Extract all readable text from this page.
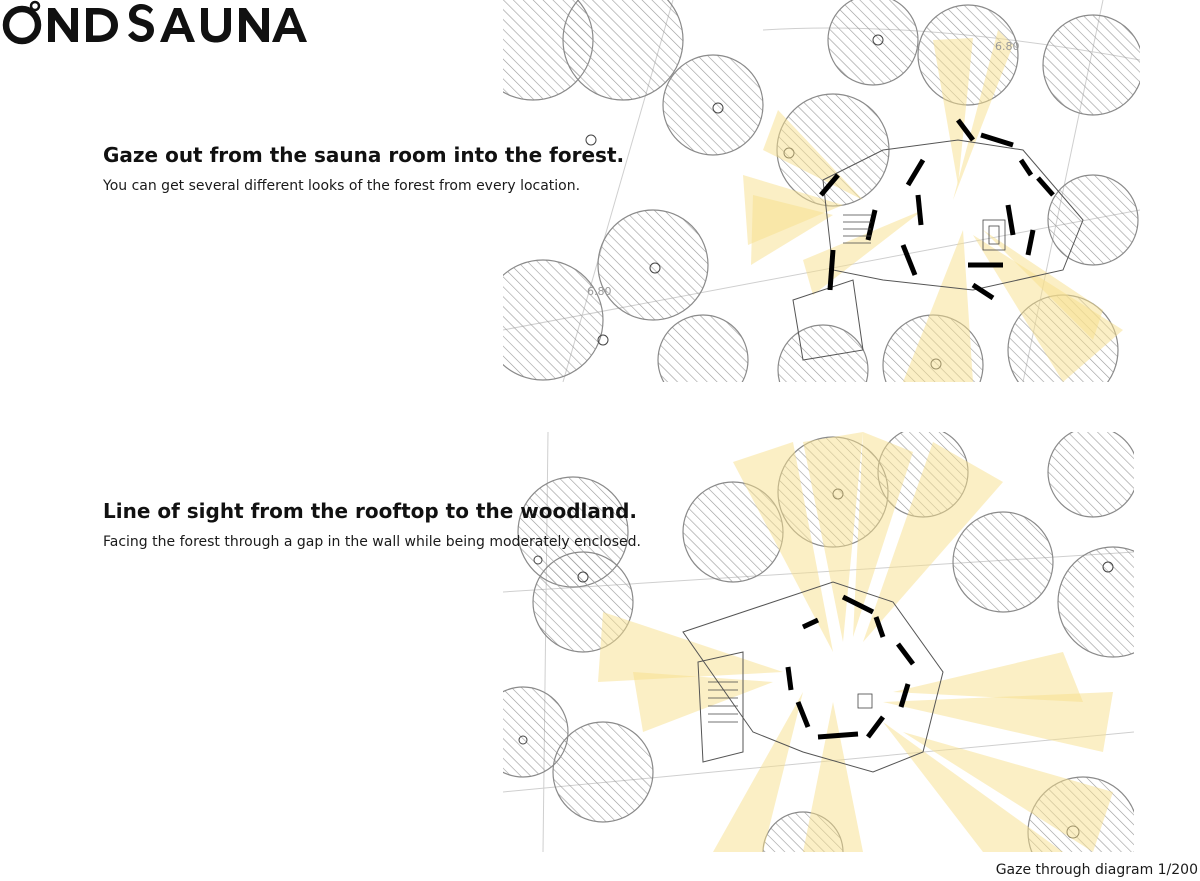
6.80
6.80
Gaze out from the sauna room into the forest.
You can get several different looks of the forest from every location.
Line of sight from the rooftop to the woodland.
Facing the forest through a gap in the wall while being moderately enclosed.
Gaze through diagram 1/200
